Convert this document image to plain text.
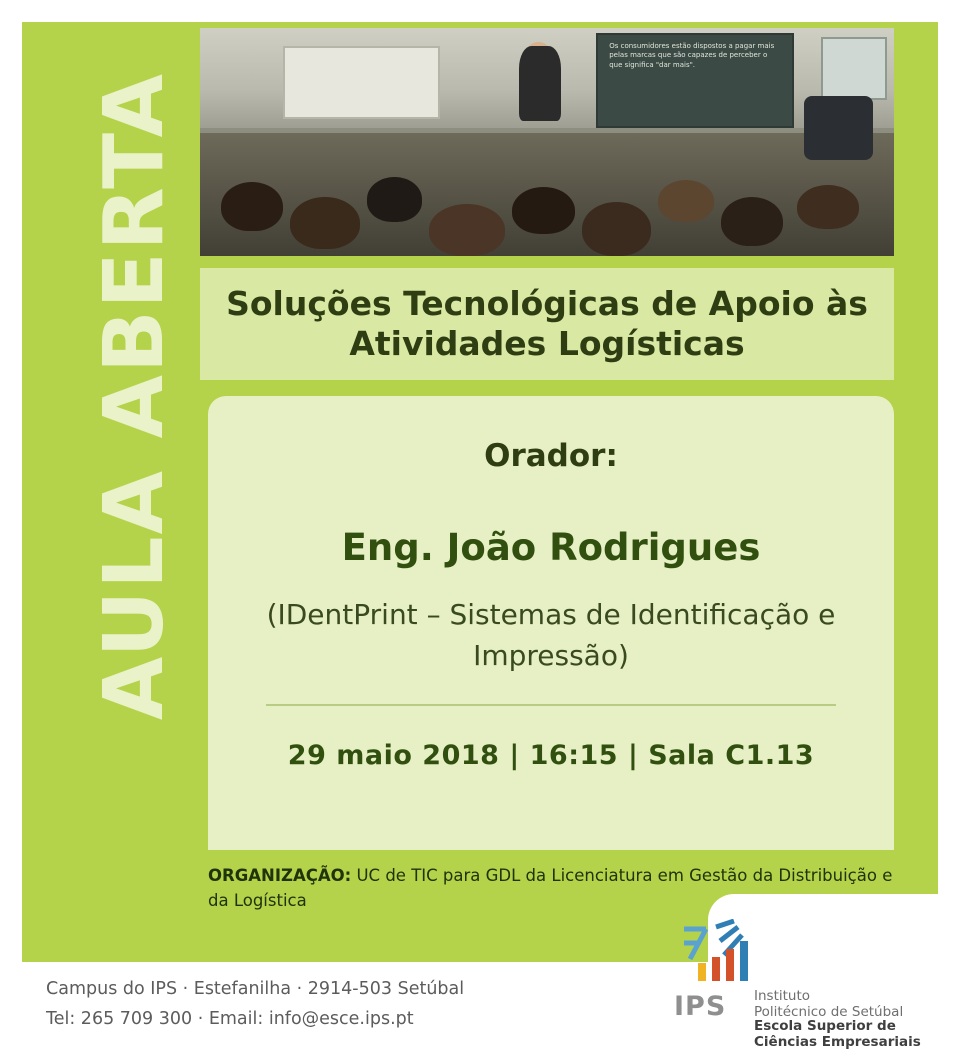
AULA ABERTA
Os consumidores estão dispostos a pagar mais pelas marcas que são capazes de perceber o que significa "dar mais".
Soluções Tecnológicas de Apoio às Atividades Logísticas
Orador:
Eng. João Rodrigues
(IDentPrint – Sistemas de Identificação e Impressão)
29 maio 2018 | 16:15 | Sala C1.13
ORGANIZAÇÃO: UC de TIC para GDL da Licenciatura em Gestão da Distribuição e da Logística
Campus do IPS · Estefanilha · 2914-503 Setúbal
Tel: 265 709 300 · Email: info@esce.ips.pt	IPS Instituto
Politécnico de Setúbal
Escola Superior de
Ciências Empresariais
